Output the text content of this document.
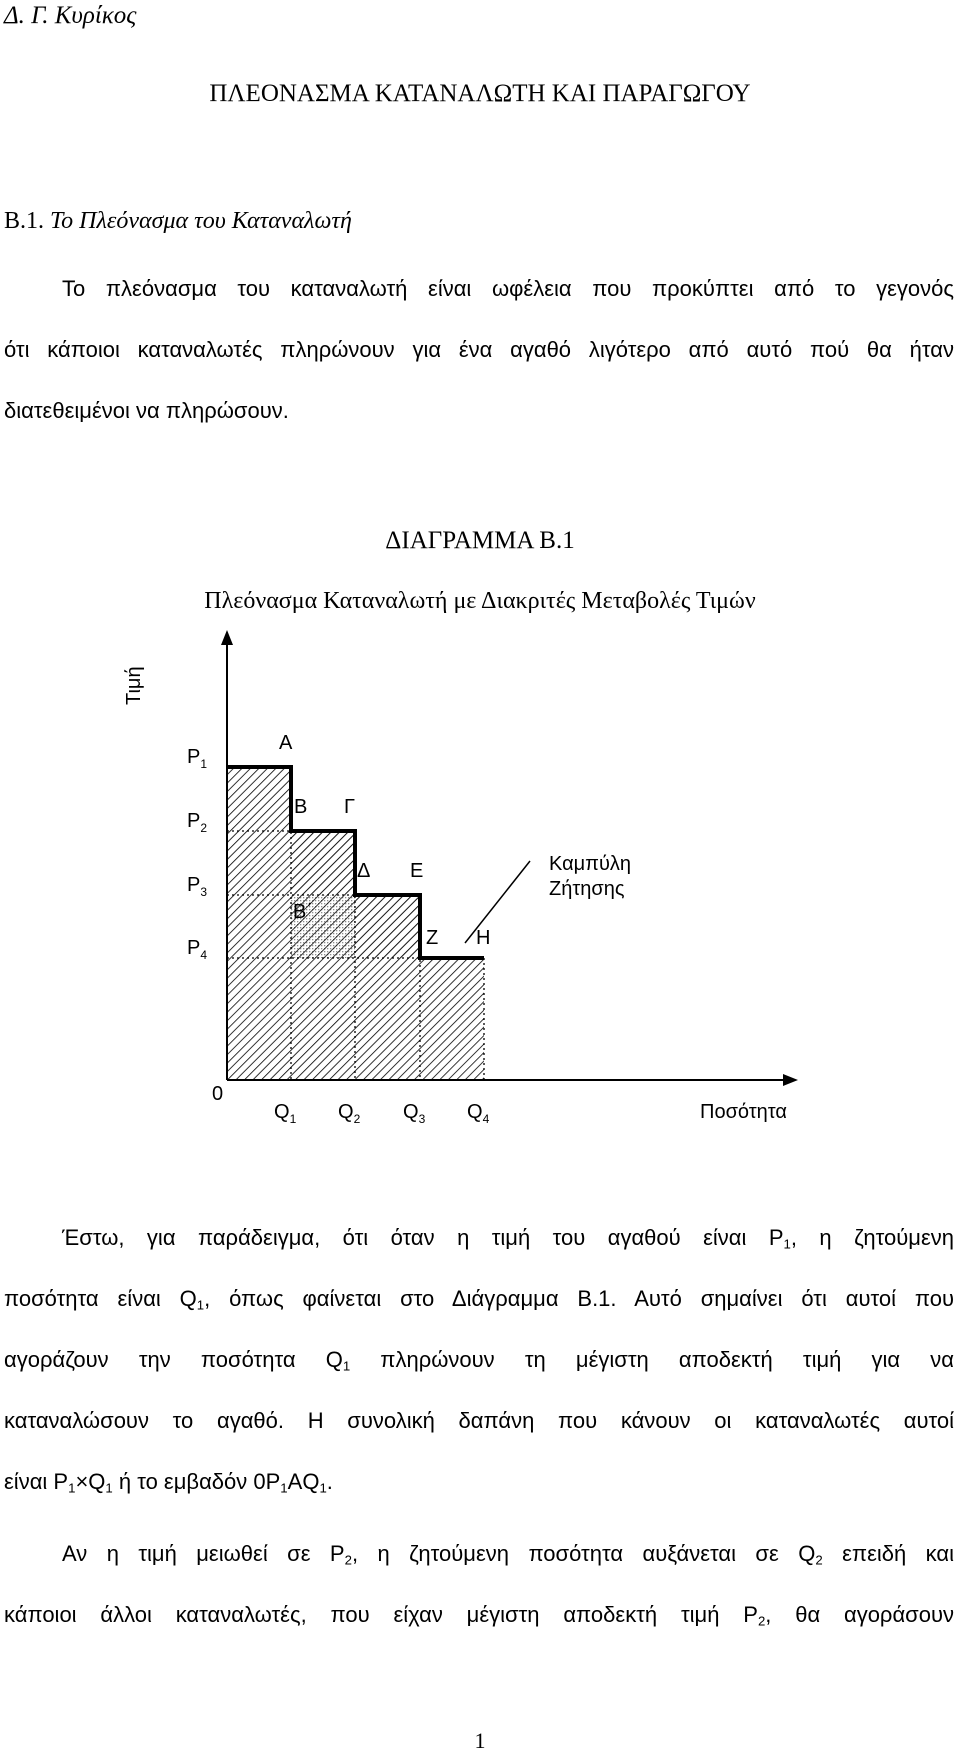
Δ. Γ. Κυρίκος
ΠΛΕΟΝΑΣΜΑ ΚΑΤΑΝΑΛΩΤΗ ΚΑΙ ΠΑΡΑΓΩΓΟΥ
Β.1. Το Πλεόνασμα του Καταναλωτή
Το πλεόνασμα του καταναλωτή είναι ωφέλεια που προκύπτει από το γεγονός
ότι κάποιοι καταναλωτές πληρώνουν για ένα αγαθό λιγότερο από αυτό πού θα ήταν
διατεθειμένοι να πληρώσουν.
ΔΙΑΓΡΑΜΜΑ Β.1
Πλεόνασμα Καταναλωτή με Διακριτές Μεταβολές Τιμών
Τιμή
Ποσότητα
0
$P_1$
$P_2$
$P_3$
$P_4$
$Q_1$ $Q_2$ $Q_3$ $Q_4$
Α
Β Γ
Δ Ε
Β΄
Ζ Η
Καμπύλη
Ζήτησης
Έστω, για παράδειγμα, ότι όταν η τιμή του αγαθού είναι $P_1$, η ζητούμενη
ποσότητα είναι $Q_1$, όπως φαίνεται στο Διάγραμμα Β.1. Αυτό σημαίνει ότι αυτοί που
αγοράζουν την ποσότητα $Q_1$ πληρώνουν τη μέγιστη αποδεκτή τιμή για να
καταναλώσουν το αγαθό. Η συνολική δαπάνη που κάνουν οι καταναλωτές αυτοί
είναι $P_1\times Q_1$ ή το εμβαδόν $0P_1AQ_1$.
Αν η τιμή μειωθεί σε $P_2$, η ζητούμενη ποσότητα αυξάνεται σε $Q_2$ επειδή και
κάποιοι άλλοι καταναλωτές, που είχαν μέγιστη αποδεκτή τιμή $P_2$, θα αγοράσουν
1
